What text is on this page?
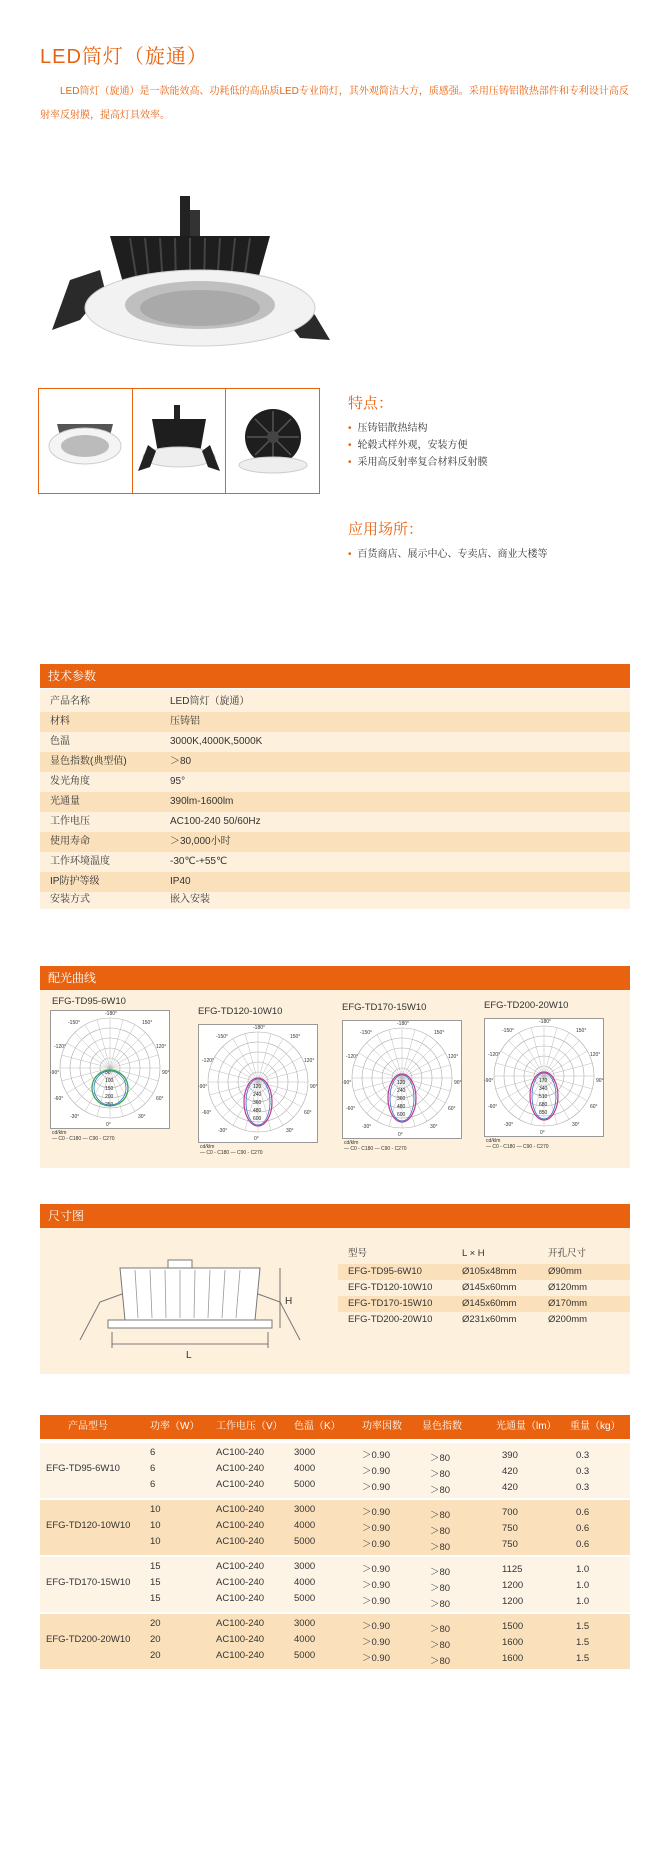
LED筒灯（旋通）
LED筒灯（旋通）是一款能效高、功耗低的高品质LED专业筒灯，其外观简洁大方，质感强。采用压铸铝散热部件和专利设计高反射率反射膜，提高灯具效率。
特点：
• 压铸铝散热结构
• 轮毂式样外观，安装方便
• 采用高反射率复合材料反射膜
应用场所：
• 百货商店、展示中心、专卖店、商业大楼等
技术参数
产品名称	LED筒灯（旋通）
材料	压铸铝
色温	3000K,4000K,5000K
显色指数(典型值)	＞80
发光角度	95°
光通量	390lm-1600lm
工作电压	AC100-240 50/60Hz
使用寿命	＞30,000小时
工作环境温度	-30℃-+55℃
IP防护等级	IP40
安装方式	嵌入安装
配光曲线
EFG-TD95-6W10
EFG-TD120-10W10	EFG-TD170-15W10	EFG-TD200-20W10
-150°
-180°
150°
-120°	120°
-90°	90°
-60°	60°
-30°
0°
30°
50
100
150
200
250
cd/klm
— C0 - C180 — C90 - C270
-150°
-180°
150°
-120°	120°
-90°	90°
-60°	60°
-30°
0°
30°
120
240
360
480
600
cd/klm
— C0 - C180 — C90 - C270
-150°
-180°
150°
-120°	120°
-90°	90°
-60°	60°
-30°
0°
30°
120
240
360
480
600
cd/klm
— C0 - C180 — C90 - C270
-150°
-180°
150°
-120°	120°
-90°	90°
-60°	60°
-30°
0°
30°
170
340
510
680
850
cd/klm
— C0 - C180 — C90 - C270
尺寸图
H
L
型号	L × H	开孔尺寸
EFG-TD95-6W10	Ø105x48mm	Ø90mm
EFG-TD120-10W10	Ø145x60mm	Ø120mm
EFG-TD170-15W10	Ø145x60mm	Ø170mm
EFG-TD200-20W10	Ø231x60mm	Ø200mm
产品型号	功率（W） 工作电压（V） 色温（K） 功率因数 显色指数	光通量（lm） 重量（kg）
EFG-TD95-6W10
6	AC100-240	3000	＞0.90	＞80	390	0.3
6	AC100-240	4000	＞0.90	＞80	420	0.3
6	AC100-240	5000	＞0.90	＞80	420	0.3
EFG-TD120-10W10
10	AC100-240	3000	＞0.90	＞80	700	0.6
10	AC100-240	4000	＞0.90	＞80	750	0.6
10	AC100-240	5000	＞0.90	＞80	750	0.6
EFG-TD170-15W10
15	AC100-240	3000	＞0.90	＞80	1125	1.0
15	AC100-240	4000	＞0.90	＞80	1200	1.0
15	AC100-240	5000	＞0.90	＞80	1200	1.0
EFG-TD200-20W10
20	AC100-240	3000	＞0.90	＞80	1500	1.5
20	AC100-240	4000	＞0.90	＞80	1600	1.5
20	AC100-240	5000	＞0.90	＞80	1600	1.5
